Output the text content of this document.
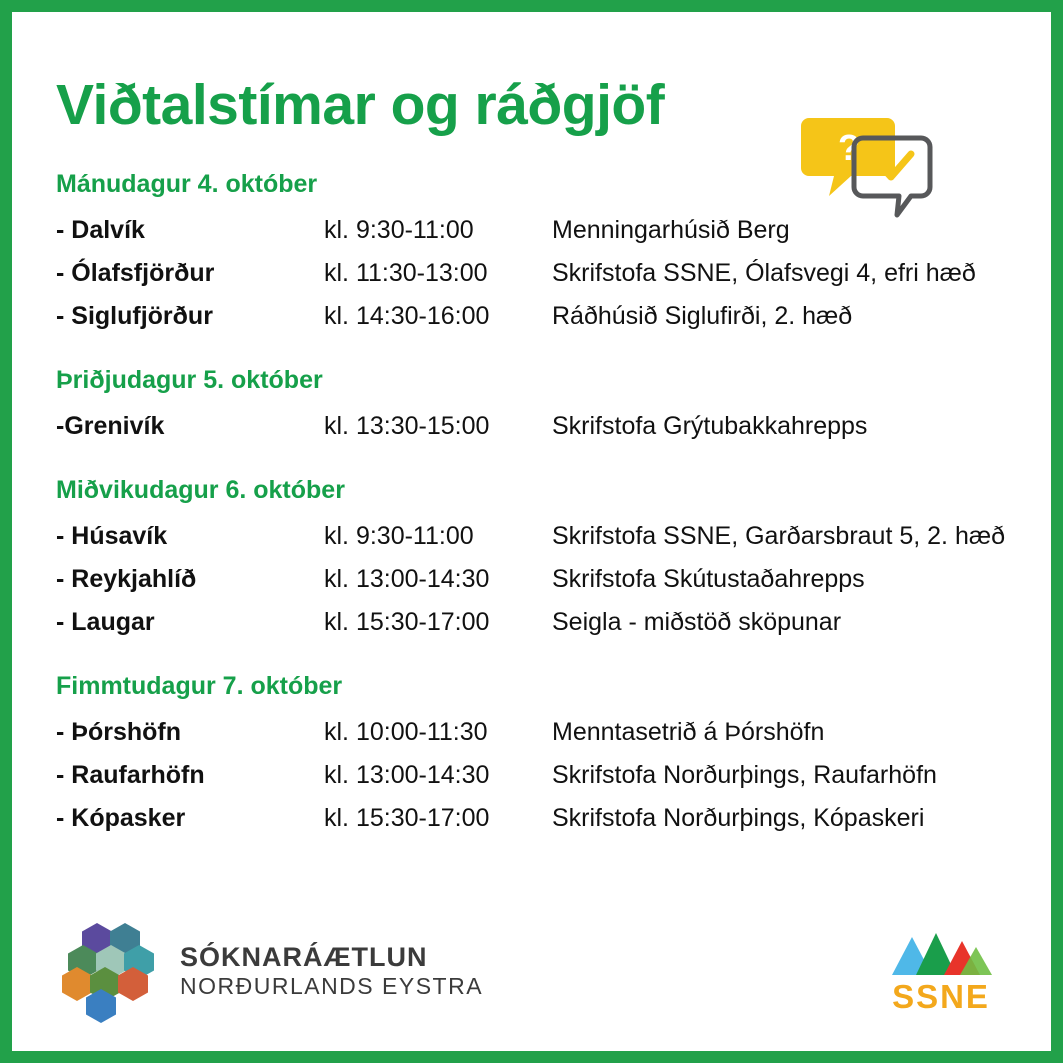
Viðtalstímar og ráðgjöf
?
Mánudagur 4. október
- Dalvík	kl. 9:30-11:00	Menningarhúsið Berg
- Ólafsfjörður	kl. 11:30-13:00	Skrifstofa SSNE, Ólafsvegi 4, efri hæð
- Siglufjörður	kl. 14:30-16:00	Ráðhúsið Siglufirði, 2. hæð
Þriðjudagur 5. október
-Grenivík	kl. 13:30-15:00	Skrifstofa Grýtubakkahrepps
Miðvikudagur 6. október
- Húsavík	kl. 9:30-11:00	Skrifstofa SSNE, Garðarsbraut 5, 2. hæð
- Reykjahlíð	kl. 13:00-14:30	Skrifstofa Skútustaðahrepps
- Laugar	kl. 15:30-17:00	Seigla - miðstöð sköpunar
Fimmtudagur 7. október
- Þórshöfn	kl. 10:00-11:30	Menntasetrið á Þórshöfn
- Raufarhöfn	kl. 13:00-14:30	Skrifstofa Norðurþings, Raufarhöfn
- Kópasker	kl. 15:30-17:00	Skrifstofa Norðurþings, Kópaskeri
SÓKNARÁÆTLUN
NORÐURLANDS EYSTRA	SSNE
